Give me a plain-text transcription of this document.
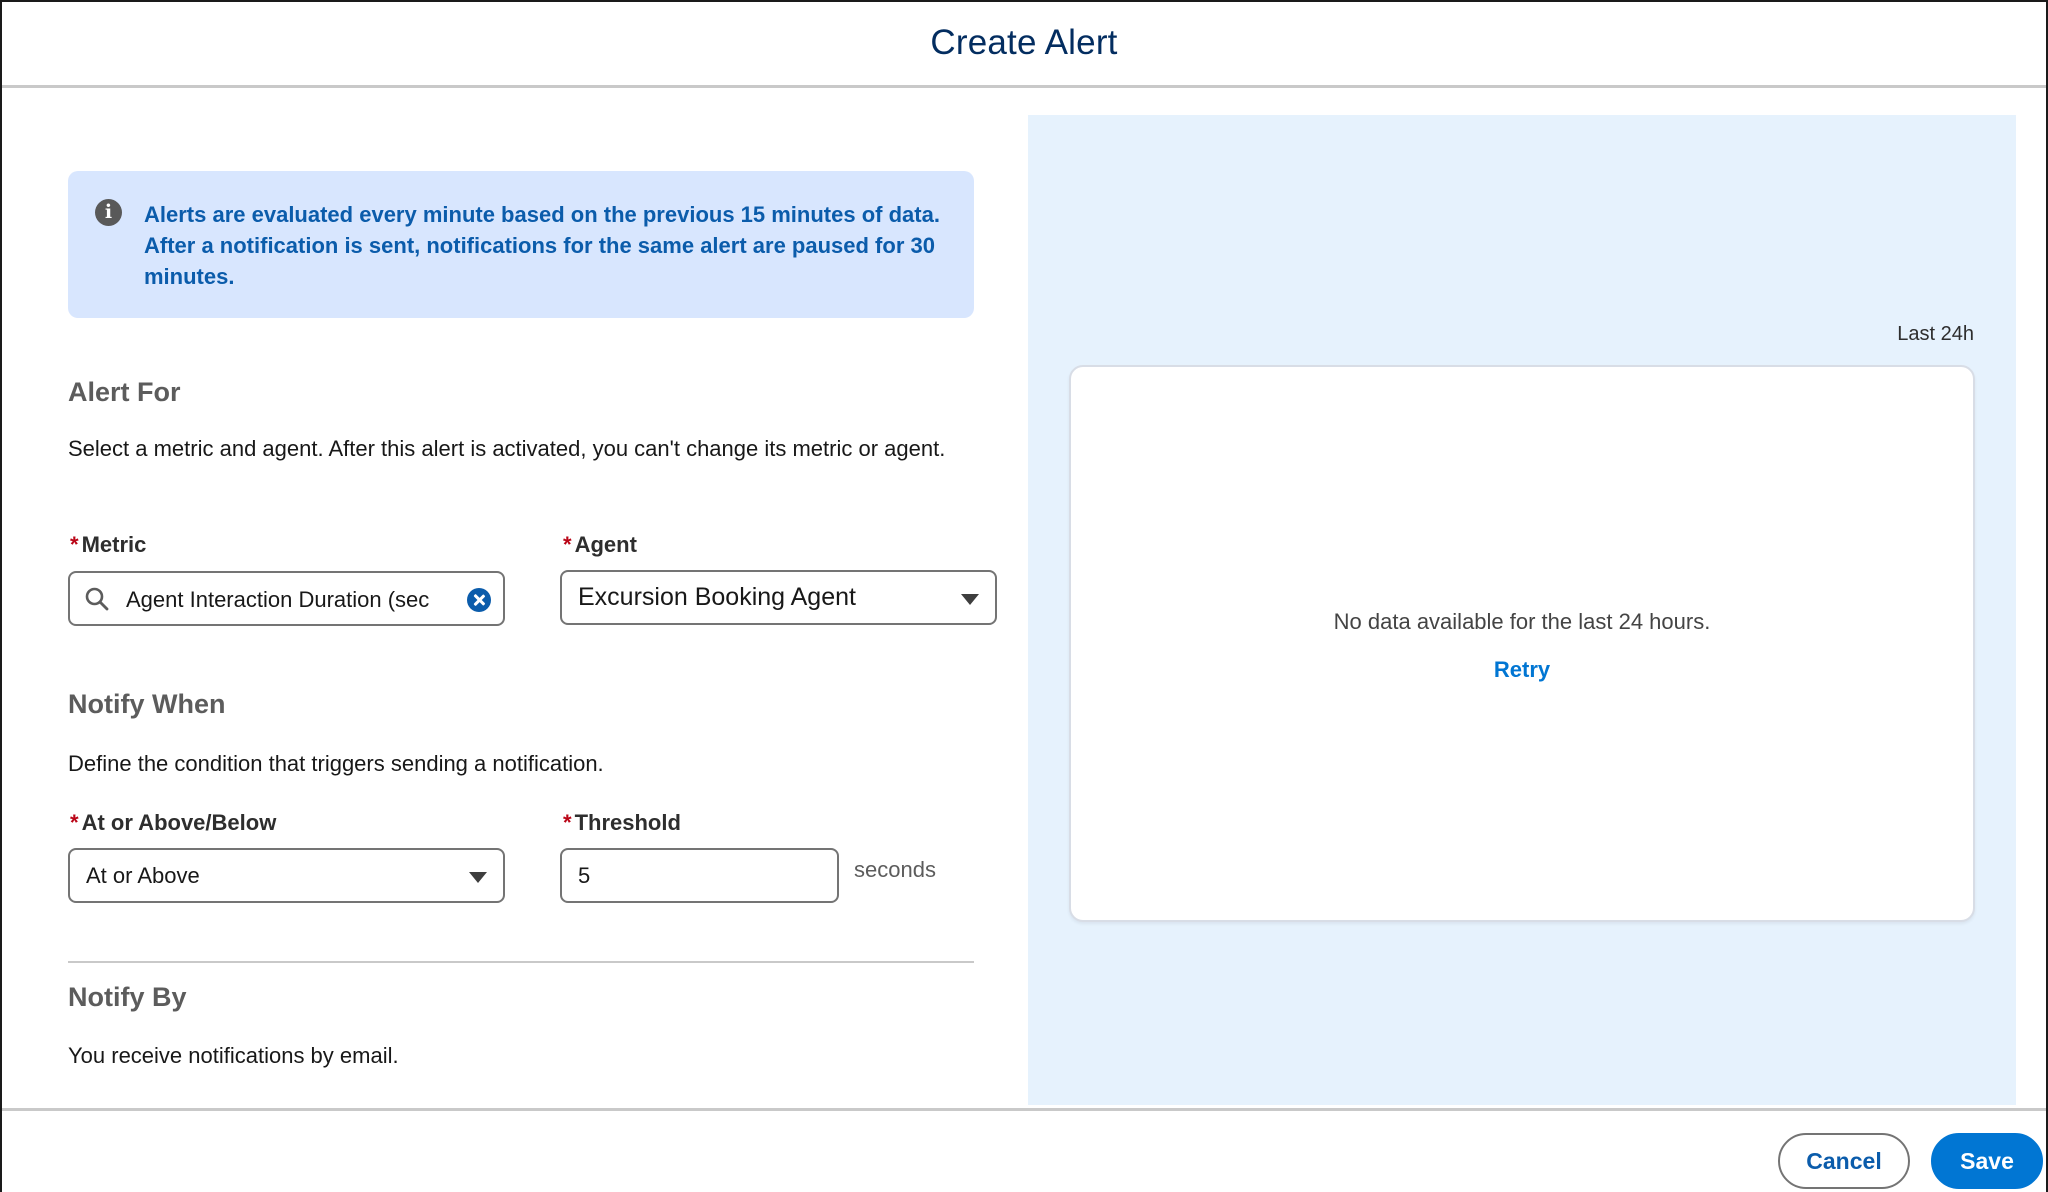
Create Alert
i	Alerts are evaluated every minute based on the previous 15 minutes of data. After a notification is sent, notifications for the same alert are paused for 30 minutes.
Alert For
Select a metric and agent. After this alert is activated, you can't change its metric or agent.
* Metric
Agent Interaction Duration (sec
* Agent
Excursion Booking Agent
Notify When
Define the condition that triggers sending a notification.
* At or Above/Below
At or Above
* Threshold
5	seconds
Notify By
You receive notifications by email.
Last 24h
No data available for the last 24 hours.
Retry
Cancel	Save
